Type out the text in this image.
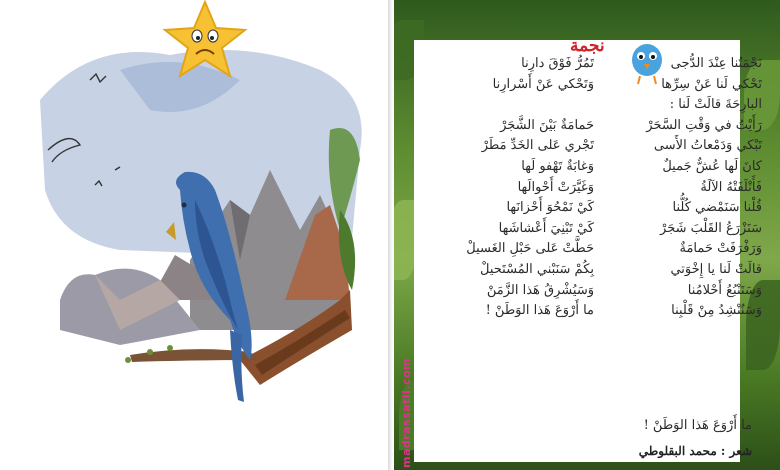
نجمة
نَجْمَتُنا عِنْدَ الدُّجى
تَحْكي لَنا عَنْ سِرِّها
البارِحَةَ قالَتْ لَنا :
رَأَيْتُ في وَقْتِ السَّحَرْ
تَبْكي وَدَمْعاتُ الأَسى
كانَ لَها عُشٌّ جَميلٌ
فَأَتْلَفَتْهُ الآلَةُ
قُلْنا سَنَمْضي كُلُّنا
سَنَزْرَعُ القَلْبَ شَجَرْ
وَرَفْرَفَتْ حَمامَةٌ
قالَتْ لَنا يا إِخْوَتي
وَسَتَنْبُعُ أَحْلامُنا
وَسَنُنْشِدُ مِنْ قَلْبِنا
تَمُرُّ فَوْقَ دارِنا
وَتَحْكي عَنْ أَسْرارِنا

حَمامَةٌ بَيْنَ الشَّجَرْ
تَجْري عَلى الخَدِّ مَطَرْ
وَغابَةٌ تَهْفو لَها
وَغَيَّرَتْ أَحْوالَها
كَيْ نَمْحُوَ أَحْزانَها
كَيْ تَبْنِيَ أَعْشاشَها
حَطَّتْ عَلى حَبْلِ الغَسيلْ
بِكُمْ سَنَبْني المُسْتَحيلْ
وَسَيُشْرِقُ هَذا الزَّمَنْ
ما أَرْوَعَ هَذا الوَطَنْ !
ما أَرْوَعَ هَذا الوَطَنْ !
شعر : محمد البقلوطي
madrassatii.com
